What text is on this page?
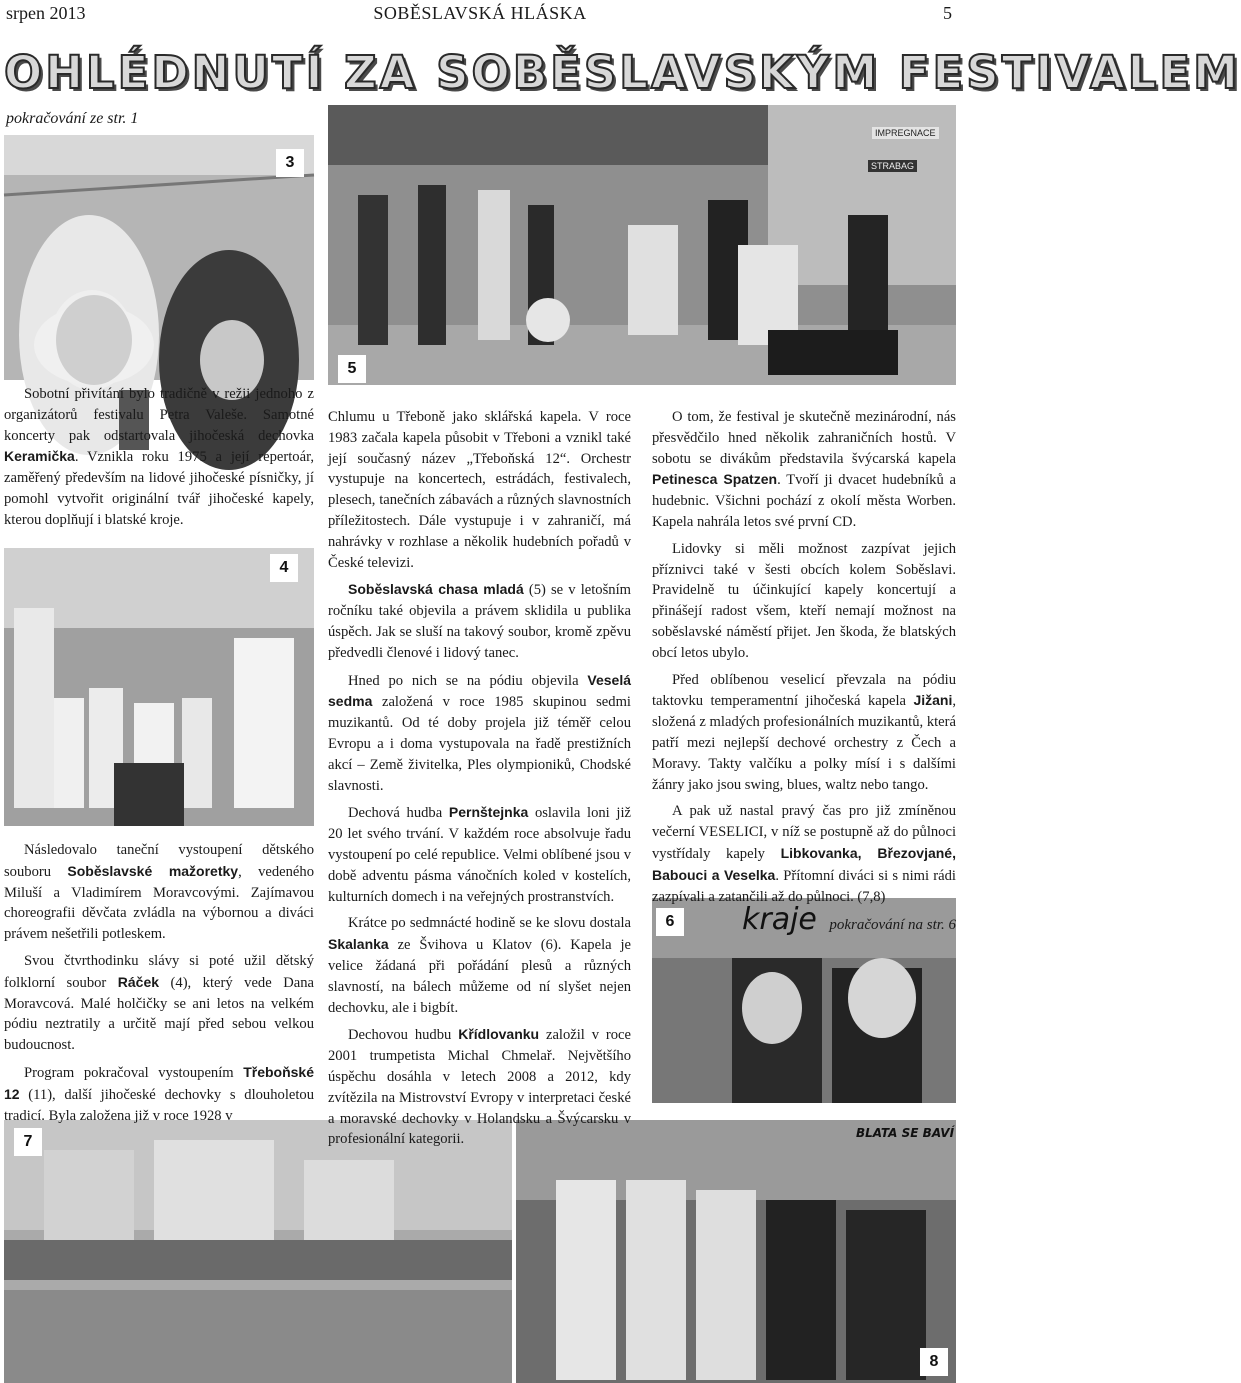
srpen 2013	SOBĚSLAVSKÁ HLÁSKA	5
OHLÉDNUTÍ ZA SOBĚSLAVSKÝM FESTIVALEM
pokračování ze str. 1
3
5
4
kraje
6
7	BLATA SE BAVÍ
8

Sobotní přivítání bylo tradičně v režii jednoho z organizátorů festivalu Petra Valeše. Samotné koncerty pak odstartovala jihočeská dechovka Keramička. Vznikla roku 1975 a její repertoár, zaměřený především na lidové jihočeské písničky, jí pomohl vytvořit originální tvář jihočeské kapely, kterou doplňují i blatské kroje.

Následovalo taneční vystoupení dětského souboru Soběslavské mažoretky, vedeného Miluší a Vladimírem Moravcovými. Zajímavou choreografii děvčata zvládla na výbornou a diváci právem nešetřili potleskem.

Svou čtvrthodinku slávy si poté užil dětský folklorní soubor Ráček (4), který vede Dana Moravcová. Malé holčičky se ani letos na velkém pódiu neztratily a určitě mají před sebou velkou budoucnost.

Program pokračoval vystoupením Třeboňské 12 (11), další jihočeské dechovky s dlouholetou tradicí. Byla založena již v roce 1928 v

Chlumu u Třeboně jako sklářská kapela. V roce 1983 začala kapela působit v Třeboni a vznikl také její současný název „Třeboňská 12“. Orchestr vystupuje na koncertech, estrádách, festivalech, plesech, tanečních zábavách a různých slavnostních příležitostech. Dále vystupuje i v zahraničí, má nahrávky v rozhlase a několik hudebních pořadů v České televizi.

Soběslavská chasa mladá (5) se v letošním ročníku také objevila a právem sklidila u publika úspěch. Jak se sluší na takový soubor, kromě zpěvu předvedli členové i lidový tanec.

Hned po nich se na pódiu objevila Veselá sedma založená v roce 1985 skupinou sedmi muzikantů. Od té doby projela již téměř celou Evropu a i doma vystupovala na řadě prestižních akcí – Země živitelka, Ples olympioniků, Chodské slavnosti.

Dechová hudba Pernštejnka oslavila loni již 20 let svého trvání. V každém roce absolvuje řadu vystoupení po celé republice. Velmi oblíbené jsou v době adventu pásma vánočních koled v kostelích, kulturních domech i na veřejných prostranstvích.

Krátce po sedmnácté hodině se ke slovu dostala Skalanka ze Švihova u Klatov (6). Kapela je velice žádaná při pořádání plesů a různých slavností, na bálech můžeme od ní slyšet nejen dechovku, ale i bigbít.

Dechovou hudbu Křídlovanku založil v roce 2001 trumpetista Michal Chmelař. Největšího úspěchu dosáhla v letech 2008 a 2012, kdy zvítězila na Mistrovství Evropy v interpretaci české a moravské dechovky v Holandsku a Švýcarsku v profesionální kategorii.

O tom, že festival je skutečně mezinárodní, nás přesvědčilo hned několik zahraničních hostů. V sobotu se divákům představila švýcarská kapela Petinesca Spatzen. Tvoří ji dvacet hudebníků a hudebnic. Všichni pochází z okolí města Worben. Kapela nahrála letos své první CD.

Lidovky si měli možnost zazpívat jejich příznivci také v šesti obcích kolem Soběslavi. Pravidelně tu účinkující kapely koncertují a přinášejí radost všem, kteří nemají možnost na soběslavské náměstí přijet. Jen škoda, že blatských obcí letos ubylo.

Před oblíbenou veselicí převzala na pódiu taktovku temperamentní jihočeská kapela Jižani, složená z mladých profesionálních muzikantů, která patří mezi nejlepší dechové orchestry z Čech a Moravy. Takty valčíku a polky mísí i s dalšími žánry jako jsou swing, blues, waltz nebo tango.

A pak už nastal pravý čas pro již zmíněnou večerní VESELICI, v níž se postupně až do půlnoci vystřídaly kapely Libkovanka, Březovjané, Babouci a Veselka. Přítomní diváci si s nimi rádi zazpívali a zatančili až do půlnoci. (7,8)

pokračování na str. 6
IMPREGNACE
STRABAG
